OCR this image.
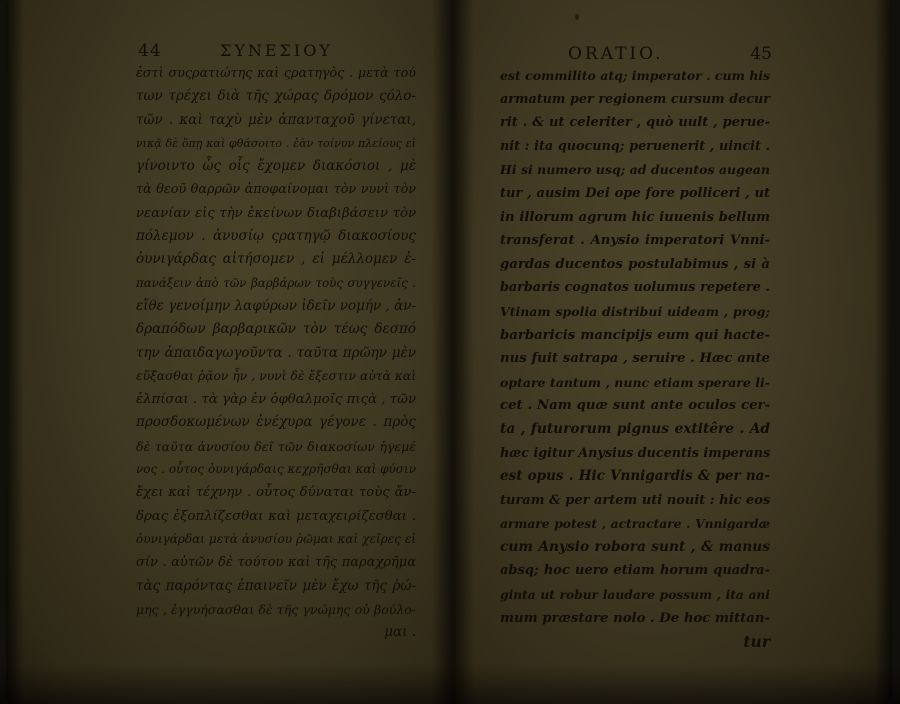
44	ΣΥΝΕΣΙΟΥ
ἐστὶ συςρατιώτης καὶ ςρατηγὸς . μετὰ τού
των τρέχει διὰ τῆς χώρας δρόμον ςόλο-
τῶν . καὶ ταχὺ μὲν ἀπανταχοῦ γίνεται,
νικᾷ δὲ ὅπῃ καὶ φθάσοιτο . ἐὰν τοίνυν πλείους εἰ
γίνοιντο ὧς οἷς ἔχομεν διακόσιοι , μὲ
τὰ θεοῦ θαρρῶν ἀποφαίνομαι τὸν νυνὶ τὸν
νεανίαν εἰς τὴν ἐκείνων διαβιβάσειν τὸν
πόλεμον . ἀνυσίῳ ςρατηγῷ διακοσίους
ὀυνιγάρδας αἰτήσομεν , εἰ μέλλομεν ἐ-
πανάξειν ἀπὸ τῶν βαρβάρων τοὺς συγγενεῖς .
εἴθε γενοίμην λαφύρων ἰδεῖν νομήν , ἀν-
δραπόδων βαρβαρικῶν τὸν τέως δεσπό
την ἀπαιδαγωγοῦντα . ταῦτα πρῶην μὲν
εὔξασθαι ῥᾷον ἦν , νυνὶ δὲ ἔξεστιν αὐτὰ καὶ
ἐλπίσαι . τὰ γὰρ ἐν ὀφθαλμοῖς πιςὰ , τῶν
προσδοκωμένων ἐνέχυρα γέγονε . πρὸς
δὲ ταῦτα ἀνυσίου δεῖ τῶν διακοσίων ἡγεμέ
νος . οὗτος ὀυνιγάρδαις κεχρῆσθαι καὶ φύσιν
ἔχει καὶ τέχνην . οὗτος δύναται τοὺς ἄν-
δρας ἐξοπλίζεσθαι καὶ μεταχειρίζεσθαι .
ὀυνιγάρδαι μετὰ ἀνυσίου ῥῶμαι καὶ χεῖρες εἰ
σίν . αὐτῶν δὲ τούτου καὶ τῆς παραχρῆμα
τὰς παρόντας ἐπαινεῖν μὲν ἔχω τῆς ῥώ-
μης , ἐγγυήσασθαι δὲ τῆς γνώμης οὐ βούλο-
μαι .
ORATIO.	45
est commilito atq; imperator . cum his
armatum per regionem cursum decur
rit . & ut celeriter , quò uult , perue-
nit : ita quocunq; peruenerit , uincit .
Hi si numero usq; ad ducentos augean
tur , ausim Dei ope fore polliceri , ut
in illorum agrum hic iuuenis bellum
transferat . Anysio imperatori Vnni-
gardas ducentos postulabimus , si à
barbaris cognatos uolumus repetere .
Vtinam spolia distribui uideam , prog;
barbaricis mancipijs eum qui hacte-
nus fuit satrapa , seruire . Hæc ante
optare tantum , nunc etiam sperare li-
cet . Nam quæ sunt ante oculos cer-
ta , futurorum pignus extitêre . Ad
hæc igitur Anysius ducentis imperans
est opus . Hic Vnnigardis & per na-
turam & per artem uti nouit : hic eos
armare potest , actractare . Vnnigardæ
cum Anysio robora sunt , & manus
absq; hoc uero etiam horum quadra-
ginta ut robur laudare possum , ita ani
mum præstare nolo . De hoc mittan-
tur
